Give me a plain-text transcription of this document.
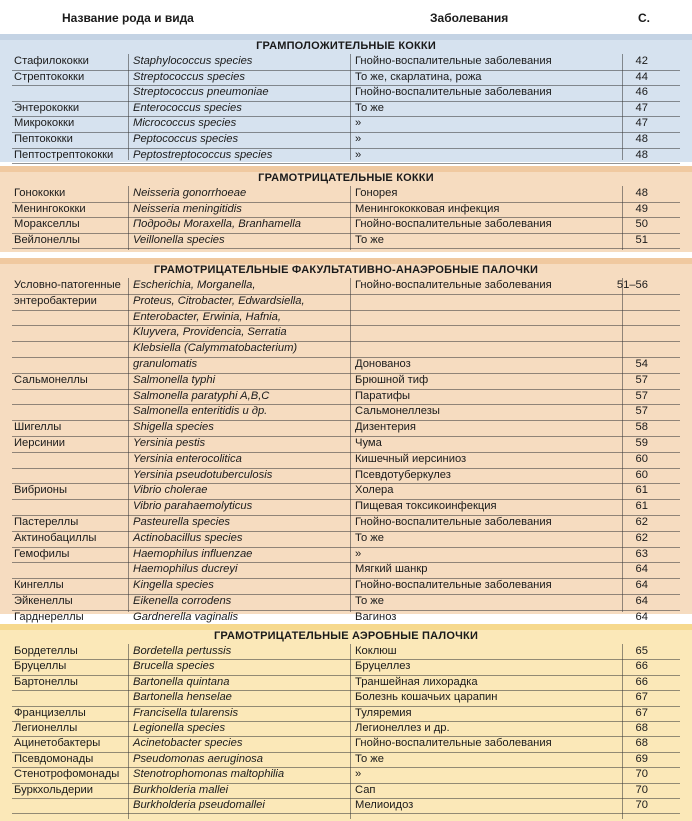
Название рода и вида	Заболевания	С.
ГРАМПОЛОЖИТЕЛЬНЫЕ КОККИ
Стафилококки	Staphylococcus species	Гнойно-воспалительные заболевания	42
Стрептококки	Streptococcus species	То же, скарлатина, рожа	44
Streptococcus pneumoniae	Гнойно-воспалительные заболевания	46
Энтерококки	Enterococcus species	То же	47
Микрококки	Micrococcus species	»	47
Пептококки	Peptococcus species	»	48
Пептострептококки Peptostreptococcus species	»	48
ГРАМОТРИЦАТЕЛЬНЫЕ КОККИ
Гонококки	Neisseria gonorrhoeae	Гонорея	48
Менингококки	Neisseria meningitidis	Менингококковая инфекция	49
Моракселлы	Подроды Moraxella, Branhamella	Гнойно-воспалительные заболевания	50
Вейлонеллы	Veillonella species	То же	51
ГРАМОТРИЦАТЕЛЬНЫЕ ФАКУЛЬТАТИВНО-АНАЭРОБНЫЕ ПАЛОЧКИ
Условно-патогенные Escherichia, Morganella,	Гнойно-воспалительные заболевания	51–56
энтеробактерии	Proteus, Citrobacter, Edwardsiella,
Enterobacter, Erwinia, Hafnia,
Kluyvera, Providencia, Serratia
Klebsiella (Calymmatobacterium)
granulomatis	Донованоз	54
Сальмонеллы	Salmonella typhi	Брюшной тиф	57
Salmonella paratyphi A,B,C	Паратифы	57
Salmonella enteritidis и др.	Сальмонеллезы	57
Шигеллы	Shigella species	Дизентерия	58
Иерсинии	Yersinia pestis	Чума	59
Yersinia enterocolitica	Кишечный иерсиниоз	60
Yersinia pseudotuberculosis	Псевдотуберкулез	60
Вибрионы	Vibrio cholerae	Холера	61
Vibrio parahaemolyticus	Пищевая токсикоинфекция	61
Пастереллы	Pasteurella species	Гнойно-воспалительные заболевания	62
Актинобациллы	Actinobacillus species	То же	62
Гемофилы	Haemophilus influenzae	»	63
Haemophilus ducreyi	Мягкий шанкр	64
Кингеллы	Kingella species	Гнойно-воспалительные заболевания	64
Эйкенеллы	Eikenella corrodens	То же	64
Гарднереллы	Gardnerella vaginalis	Вагиноз	64
ГРАМОТРИЦАТЕЛЬНЫЕ АЭРОБНЫЕ ПАЛОЧКИ
Бордетеллы	Bordetella pertussis	Коклюш	65
Бруцеллы	Brucella species	Бруцеллез	66
Бартонеллы	Bartonella quintana	Траншейная лихорадка	66
Bartonella henselae	Болезнь кошачьих царапин	67
Францизеллы	Francisella tularensis	Туляремия	67
Легионеллы	Legionella species	Легионеллез и др.	68
Ацинетобактеры	Acinetobacter species	Гнойно-воспалительные заболевания	68
Псевдомонады	Pseudomonas aeruginosa	То же	69
Стенотрофомонады Stenotrophomonas maltophilia	»	70
Буркхольдерии	Burkholderia mallei	Сап	70
Burkholderia pseudomallei	Мелиоидоз	70
